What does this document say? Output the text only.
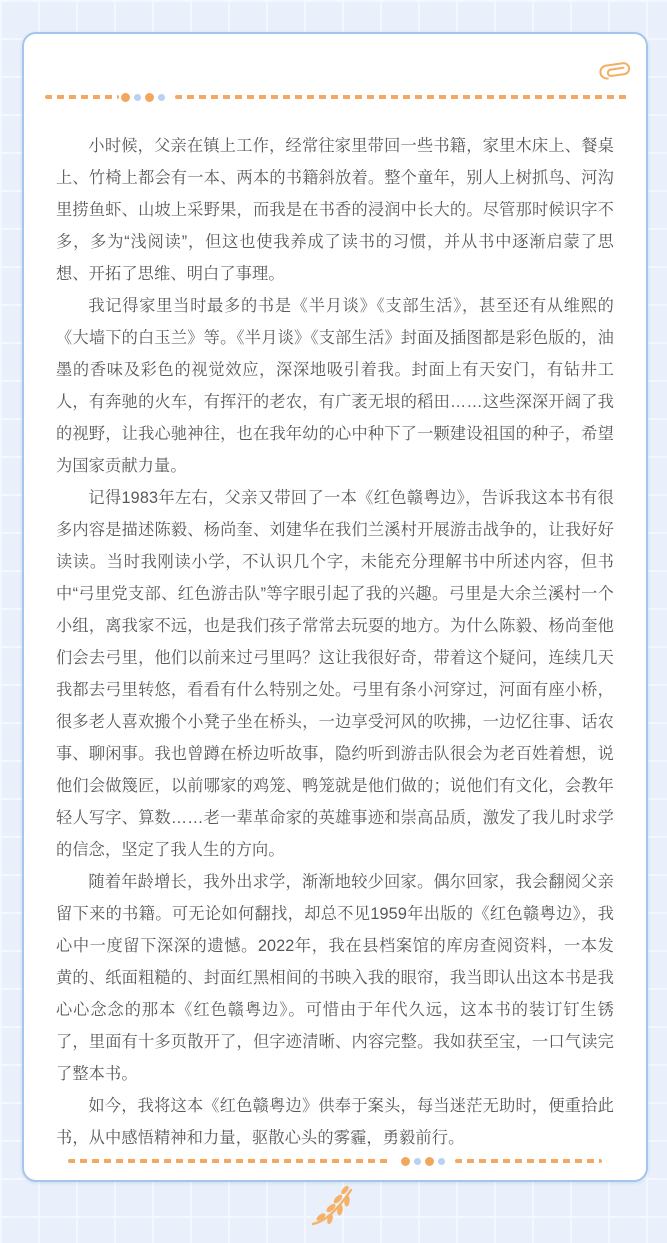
小时候，父亲在镇上工作，经常往家里带回一些书籍，家里木床上、餐桌上、竹椅上都会有一本、两本的书籍斜放着。整个童年，别人上树抓鸟、河沟里捞鱼虾、山坡上采野果，而我是在书香的浸润中长大的。尽管那时候识字不多，多为“浅阅读”，但这也使我养成了读书的习惯，并从书中逐渐启蒙了思想、开拓了思维、明白了事理。

我记得家里当时最多的书是《半月谈》《支部生活》，甚至还有从维熙的《大墙下的白玉兰》等。《半月谈》《支部生活》封面及插图都是彩色版的，油墨的香味及彩色的视觉效应，深深地吸引着我。封面上有天安门，有钻井工人，有奔驰的火车，有挥汗的老农，有广袤无垠的稻田……这些深深开阔了我的视野，让我心驰神往，也在我年幼的心中种下了一颗建设祖国的种子，希望为国家贡献力量。

记得1983年左右，父亲又带回了一本《红色赣粤边》，告诉我这本书有很多内容是描述陈毅、杨尚奎、刘建华在我们兰溪村开展游击战争的，让我好好读读。当时我刚读小学，不认识几个字，未能充分理解书中所述内容，但书中“弓里党支部、红色游击队”等字眼引起了我的兴趣。弓里是大余兰溪村一个小组，离我家不远，也是我们孩子常常去玩耍的地方。为什么陈毅、杨尚奎他们会去弓里，他们以前来过弓里吗？这让我很好奇，带着这个疑问，连续几天我都去弓里转悠，看看有什么特别之处。弓里有条小河穿过，河面有座小桥，很多老人喜欢搬个小凳子坐在桥头，一边享受河风的吹拂，一边忆往事、话农事、聊闲事。我也曾蹲在桥边听故事，隐约听到游击队很会为老百姓着想，说他们会做篾匠，以前哪家的鸡笼、鸭笼就是他们做的；说他们有文化，会教年轻人写字、算数……老一辈革命家的英雄事迹和崇高品质，激发了我儿时求学的信念，坚定了我人生的方向。

随着年龄增长，我外出求学，渐渐地较少回家。偶尔回家，我会翻阅父亲留下来的书籍。可无论如何翻找，却总不见1959年出版的《红色赣粤边》，我心中一度留下深深的遗憾。2022年，我在县档案馆的库房查阅资料，一本发黄的、纸面粗糙的、封面红黑相间的书映入我的眼帘，我当即认出这本书是我心心念念的那本《红色赣粤边》。可惜由于年代久远，这本书的装订钉生锈了，里面有十多页散开了，但字迹清晰、内容完整。我如获至宝，一口气读完了整本书。

如今，我将这本《红色赣粤边》供奉于案头，每当迷茫无助时，便重拾此书，从中感悟精神和力量，驱散心头的雾霾，勇毅前行。
